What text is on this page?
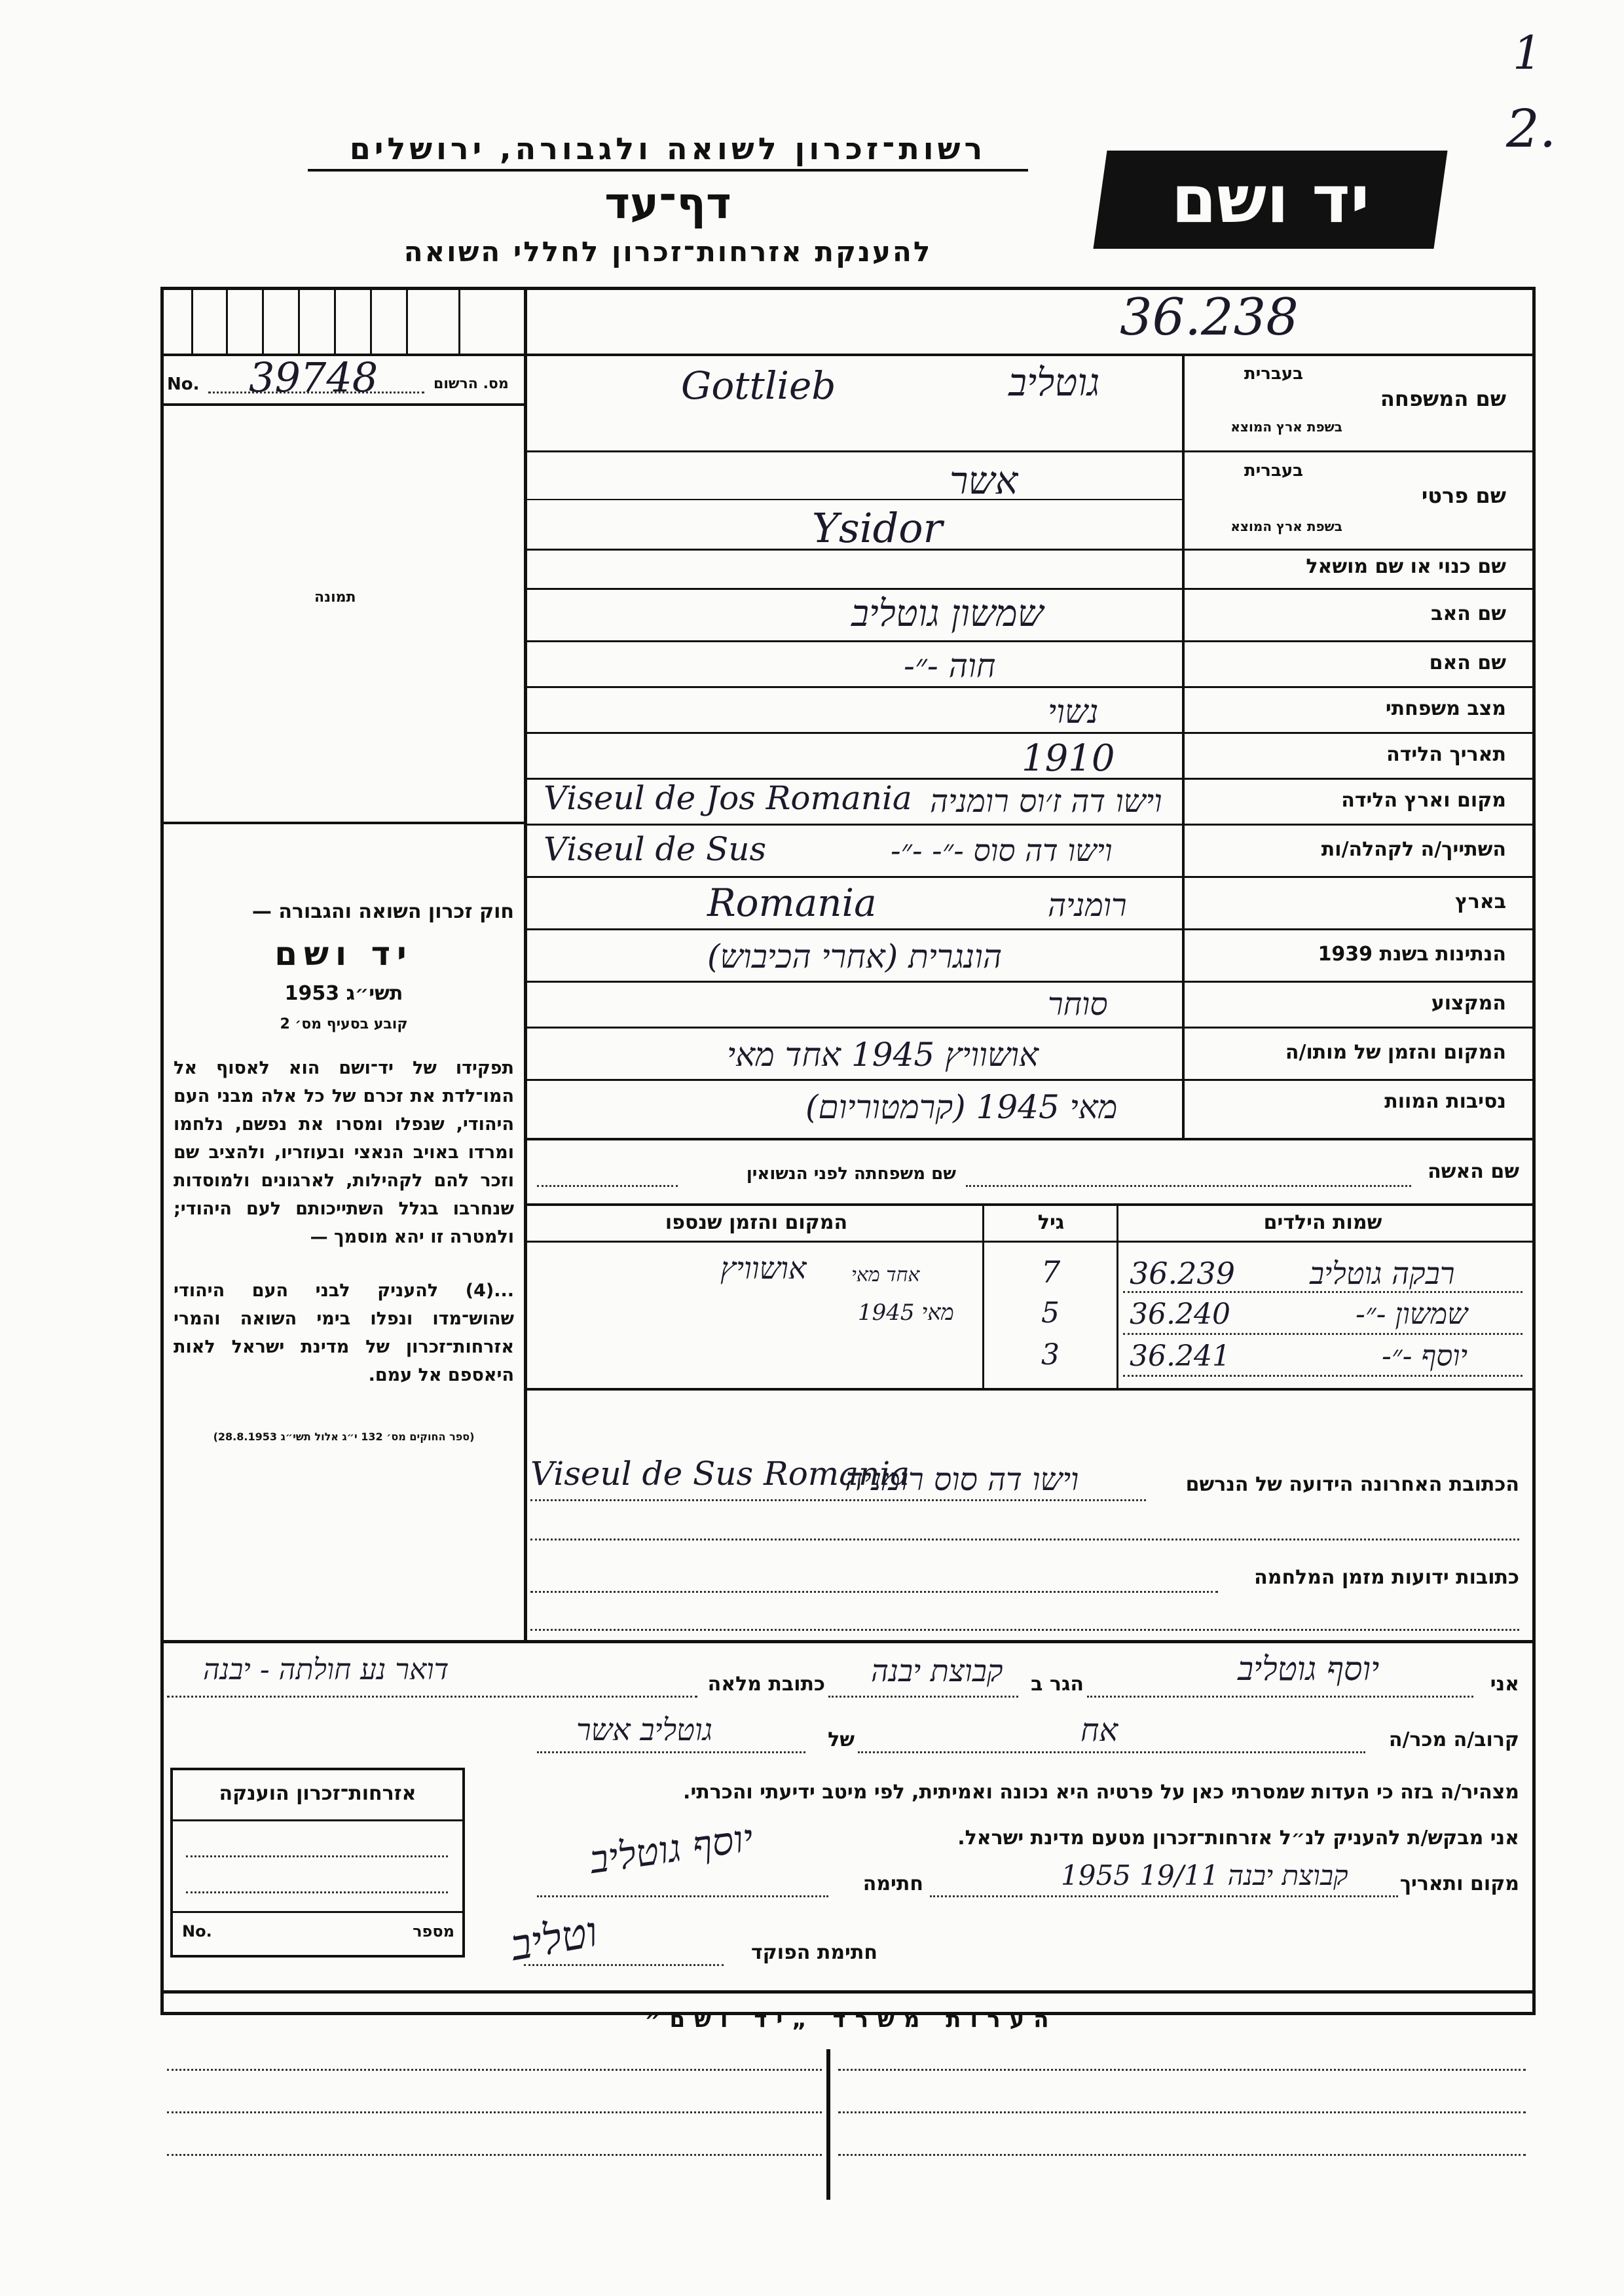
1
2.
רשות־זכרון לשואה ולגבורה, ירושלים
דף־עד
להענקת אזרחות־זכרון לחללי השואה
יד ושם
36.238
No. 39748	מס. הרשום
תמונה
שם המשפחה
בעברית
בשפת ארץ המוצא
גוטליב
Gottlieb
שם פרטי
בעברית
בשפת ארץ המוצא
אשר
Ysidor
שם כנוי או שם מושאל
שם האב
שמשון גוטליב
שם האם
חוה -״-
מצב משפחתי
נשוי
תאריך הלידה
1910
מקום וארץ הלידה
וישו דה ז׳וס רומניה
Viseul de Jos Romania
השתייך/ה לקהלה/ות
וישו דה סוס -״- -״-
Viseul de Sus
בארץ
רומניה
Romania
הנתינות בשנת 1939
הונגרית (אחרי הכיבוש)
המקצוע
סוחר
המקום והזמן של מותו/ה
אושוויץ 1945 אחד מאי
נסיבות המוות
מאי 1945 (קרמטוריום)
חוק זכרון השואה והגבורה —
יד ושם
תשי״ג 1953
קובע בסעיף מס׳ 2
תפקידו של יד־ושם הוא לאסוף אל המו־לדת את זכרם של כל אלה מבני העם היהודי, שנפלו ומסרו את נפשם, נלחמו ומרדו באויב הנאצי ובעוזריו, ולהציב שם וזכר להם לקהילות, לארגונים ולמוסדות שנחרבו בגלל השתייכותם לעם היהודי; ולמטרה זו יהא מוסמך —
...(4) להעניק לבני העם היהודי שהוש־מדו ונפלו בימי השואה והמרי אזרחות־זכרון של מדינת ישראל לאות היאספם אל עמם.
(ספר החוקים מס׳ 132 י״ג אלול תשי״ג 28.8.1953)
שם האשה
שם משפחתה לפני הנשואין
שמות הילדים
גיל
המקום והזמן שנספו
רבקה גוטליב
36.239
7
אושוויץ
שמשון -״-
36.240
5
מאי 1945
יוסף -״-
36.241
3
אחד מאי
הכתובת האחרונה הידועה של הנרשם
וישו דה סוס רומניה
Viseul de Sus Romania
כתובות ידועות מזמן המלחמה
אני
יוסף גוטליב
הגר ב
קבוצת יבנה
כתובת מלאה
דואר נע חולתה - יבנה
קרוב/ה מכר/ה
אח
של
גוטליב אשר
מצהיר/ה בזה כי העדות שמסרתי כאן על פרטיה היא נכונה ואמיתית, לפי מיטב ידיעתי והכרתי.
אני מבקש/ת להעניק לנ״ל אזרחות־זכרון מטעם מדינת ישראל.
מקום ותאריך
קבוצת יבנה 19/11 1955
חתימה
יוסף גוטליב
חתימת הפוקד
וטליב
אזרחות־זכרון הוענקה
No.	מספר
הערות משרד „יד ושם״
